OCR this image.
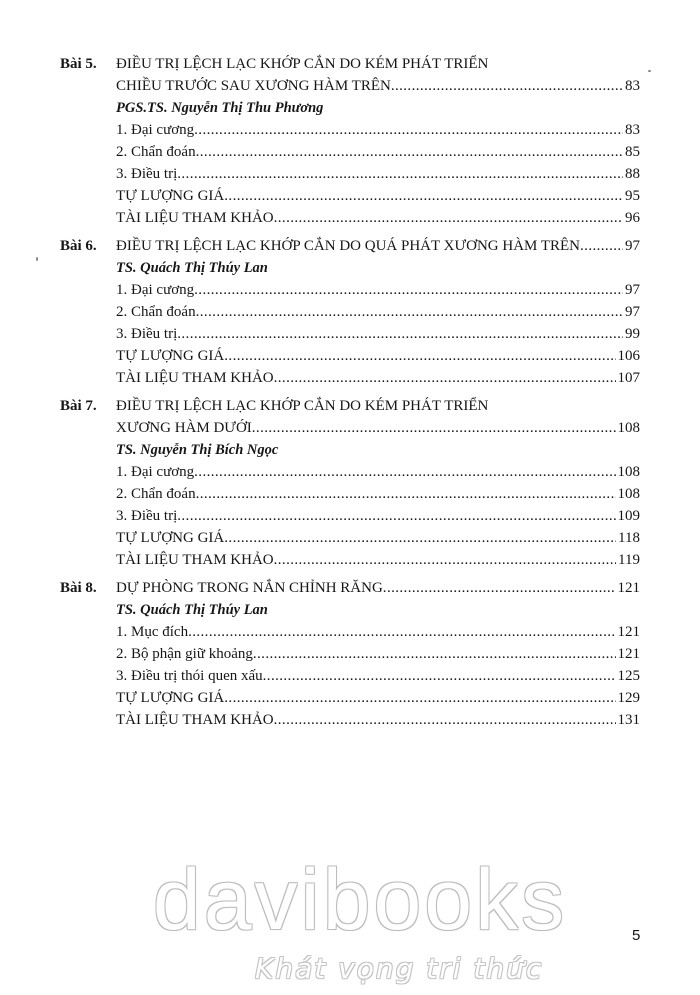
Bài 5. ĐIỀU TRỊ LỆCH LẠC KHỚP CẮN DO KÉM PHÁT TRIỂN
CHIỀU TRƯỚC SAU XƯƠNG HÀM TRÊN .....	83
PGS.TS. Nguyễn Thị Thu Phương
1. Đại cương .....	83
2. Chẩn đoán .....	85
3. Điều trị .....	88
TỰ LƯỢNG GIÁ .....	95
TÀI LIỆU THAM KHẢO .....	96
Bài 6. ĐIỀU TRỊ LỆCH LẠC KHỚP CẮN DO QUÁ PHÁT XƯƠNG HÀM TRÊN .....	97
TS. Quách Thị Thúy Lan
1. Đại cương .....	97
2. Chẩn đoán .....	97
3. Điều trị .....	99
TỰ LƯỢNG GIÁ .....	106
TÀI LIỆU THAM KHẢO .....	107
Bài 7. ĐIỀU TRỊ LỆCH LẠC KHỚP CẮN DO KÉM PHÁT TRIỂN
XƯƠNG HÀM DƯỚI .....	108
TS. Nguyễn Thị Bích Ngọc
1. Đại cương .....	108
2. Chẩn đoán .....	108
3. Điều trị .....	109
TỰ LƯỢNG GIÁ .....	118
TÀI LIỆU THAM KHẢO .....	119
Bài 8. DỰ PHÒNG TRONG NẮN CHỈNH RĂNG .....	121
TS. Quách Thị Thúy Lan
1. Mục đích .....	121
2. Bộ phận giữ khoảng .....	121
3. Điều trị thói quen xấu .....	125
TỰ LƯỢNG GIÁ .....	129
TÀI LIỆU THAM KHẢO .....	131
davibooks
Khát vọng tri thức
5
